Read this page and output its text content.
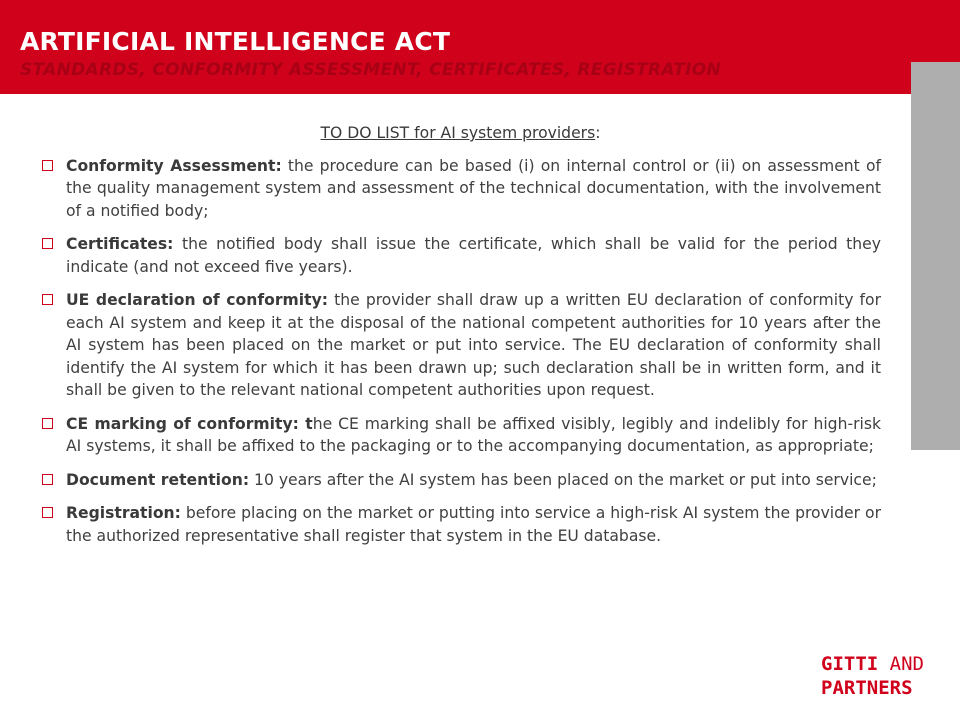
ARTIFICIAL INTELLIGENCE ACT
STANDARDS, CONFORMITY ASSESSMENT, CERTIFICATES, REGISTRATION
TO DO LIST for AI system providers:
Conformity Assessment: the procedure can be based (i) on internal control or (ii) on assessment of the quality management system and assessment of the technical documentation, with the involvement of a notified body;
Certificates: the notified body shall issue the certificate, which shall be valid for the period they indicate (and not exceed five years).
UE declaration of conformity: the provider shall draw up a written EU declaration of conformity for each AI system and keep it at the disposal of the national competent authorities for 10 years after the AI system has been placed on the market or put into service. The EU declaration of conformity shall identify the AI system for which it has been drawn up; such declaration shall be in written form, and it shall be given to the relevant national competent authorities upon request.
CE marking of conformity: the CE marking shall be affixed visibly, legibly and indelibly for high-risk AI systems, it shall be affixed to the packaging or to the accompanying documentation, as appropriate;
Document retention: 10 years after the AI system has been placed on the market or put into service;
Registration: before placing on the market or putting into service a high-risk AI system the provider or the authorized representative shall register that system in the EU database.
GITTI AND
PARTNERS
